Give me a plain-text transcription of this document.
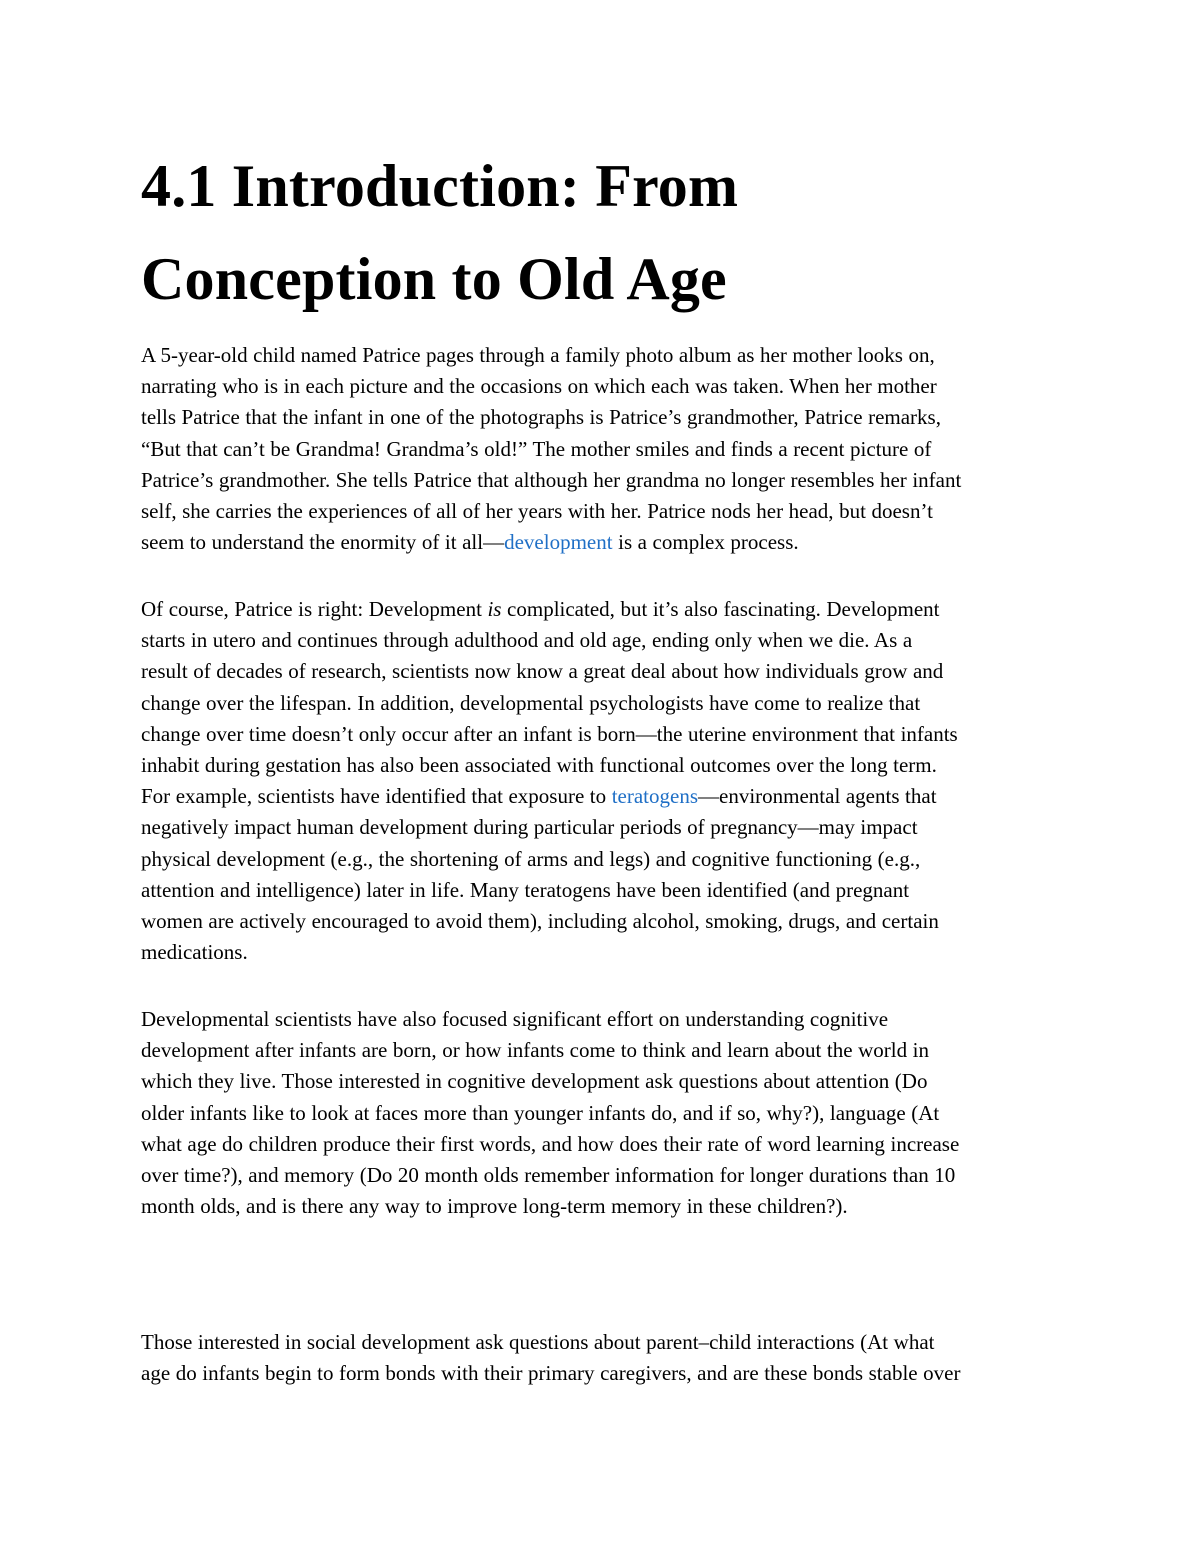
4.1 Introduction: From
Conception to Old Age

A 5-year-old child named Patrice pages through a family photo album as her mother looks on,
narrating who is in each picture and the occasions on which each was taken. When her mother
tells Patrice that the infant in one of the photographs is Patrice’s grandmother, Patrice remarks,
“But that can’t be Grandma! Grandma’s old!” The mother smiles and finds a recent picture of
Patrice’s grandmother. She tells Patrice that although her grandma no longer resembles her infant
self, she carries the experiences of all of her years with her. Patrice nods her head, but doesn’t
seem to understand the enormity of it all—development is a complex process.

Of course, Patrice is right: Development is complicated, but it’s also fascinating. Development
starts in utero and continues through adulthood and old age, ending only when we die. As a
result of decades of research, scientists now know a great deal about how individuals grow and
change over the lifespan. In addition, developmental psychologists have come to realize that
change over time doesn’t only occur after an infant is born—the uterine environment that infants
inhabit during gestation has also been associated with functional outcomes over the long term.
For example, scientists have identified that exposure to teratogens—environmental agents that
negatively impact human development during particular periods of pregnancy—may impact
physical development (e.g., the shortening of arms and legs) and cognitive functioning (e.g.,
attention and intelligence) later in life. Many teratogens have been identified (and pregnant
women are actively encouraged to avoid them), including alcohol, smoking, drugs, and certain
medications.

Developmental scientists have also focused significant effort on understanding cognitive
development after infants are born, or how infants come to think and learn about the world in
which they live. Those interested in cognitive development ask questions about attention (Do
older infants like to look at faces more than younger infants do, and if so, why?), language (At
what age do children produce their first words, and how does their rate of word learning increase
over time?), and memory (Do 20 month olds remember information for longer durations than 10
month olds, and is there any way to improve long-term memory in these children?).

Those interested in social development ask questions about parent–child interactions (At what
age do infants begin to form bonds with their primary caregivers, and are these bonds stable over
